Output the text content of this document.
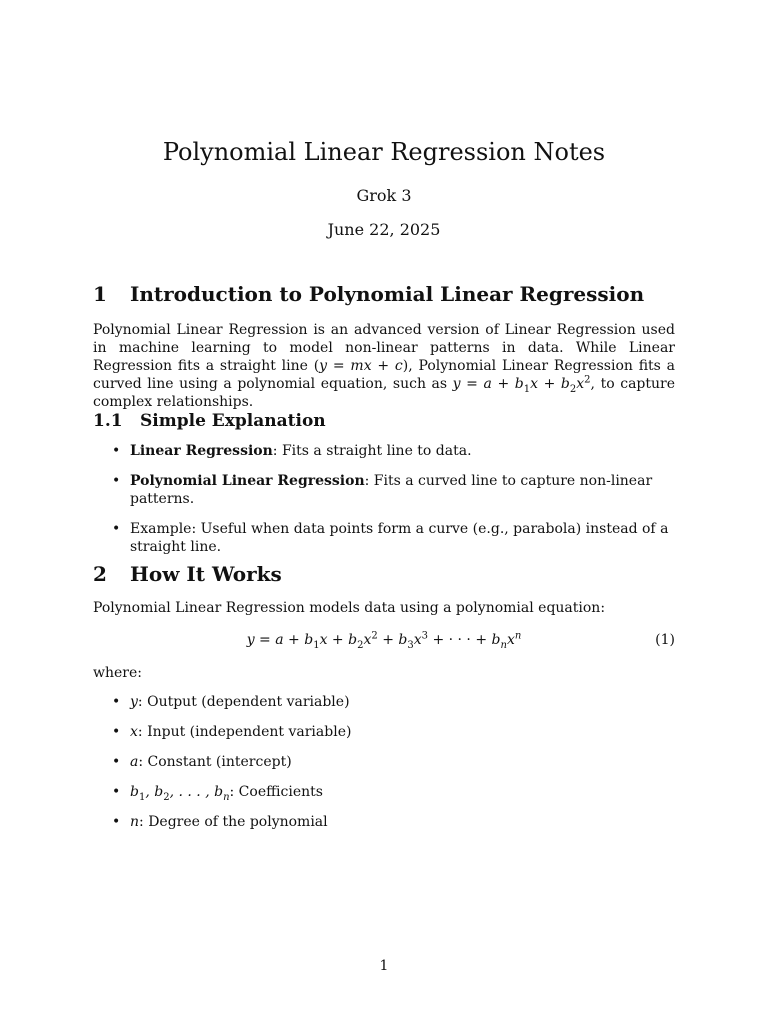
Polynomial Linear Regression Notes
Grok 3
June 22, 2025
1 Introduction to Polynomial Linear Regression
Polynomial Linear Regression is an advanced version of Linear Regression used in machine learning to model non-linear patterns in data. While Linear Regression fits a straight line (y = mx + c), Polynomial Linear Regression fits a curved line using a polynomial equation, such as $y = a + b_1x + b_2x^2$, to capture complex relationships.
1.1 Simple Explanation
• Linear Regression: Fits a straight line to data.
• Polynomial Linear Regression: Fits a curved line to capture non-linear patterns.
• Example: Useful when data points form a curve (e.g., parabola) instead of a straight line.
2 How It Works
Polynomial Linear Regression models data using a polynomial equation:
$y = a + b_1x + b_2x^2 + b_3x^3$ + · · · + $b_nx^n$	(1)
where:
• y: Output (dependent variable)
• x: Input (independent variable)
• a: Constant (intercept)
• $b_1$, $b_2$, . . . , $b_n$: Coefficients
• n: Degree of the polynomial
1
